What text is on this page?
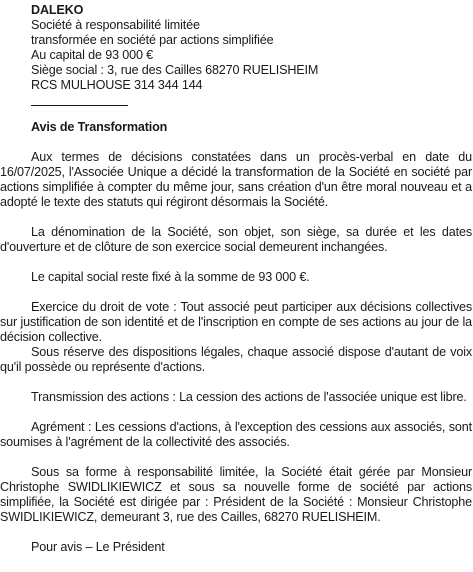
DALEKO
Société à responsabilité limitée
transformée en société par actions simplifiée
Au capital de 93 000 €
Siège social : 3, rue des Cailles 68270 RUELISHEIM
RCS MULHOUSE 314 344 144
Avis de Transformation

Aux termes de décisions constatées dans un procès-verbal en date du 16/07/2025, l'Associée Unique a décidé la transformation de la Société en société par actions simplifiée à compter du même jour, sans création d'un être moral nouveau et a adopté le texte des statuts qui régiront désormais la Société.

La dénomination de la Société, son objet, son siège, sa durée et les dates d'ouverture et de clôture de son exercice social demeurent inchangées.

Le capital social reste fixé à la somme de 93 000 €.

Exercice du droit de vote : Tout associé peut participer aux décisions collectives sur justification de son identité et de l'inscription en compte de ses actions au jour de la décision collective.

Sous réserve des dispositions légales, chaque associé dispose d'autant de voix qu'il possède ou représente d'actions.

Transmission des actions : La cession des actions de l'associée unique est libre.

Agrément : Les cessions d'actions, à l'exception des cessions aux associés, sont soumises à l'agrément de la collectivité des associés.

Sous sa forme à responsabilité limitée, la Société était gérée par Monsieur Christophe SWIDLIKIEWICZ et sous sa nouvelle forme de société par actions simplifiée, la Société est dirigée par : Président de la Société : Monsieur Christophe SWIDLIKIEWICZ, demeurant 3, rue des Cailles, 68270 RUELISHEIM.

Pour avis – Le Président
